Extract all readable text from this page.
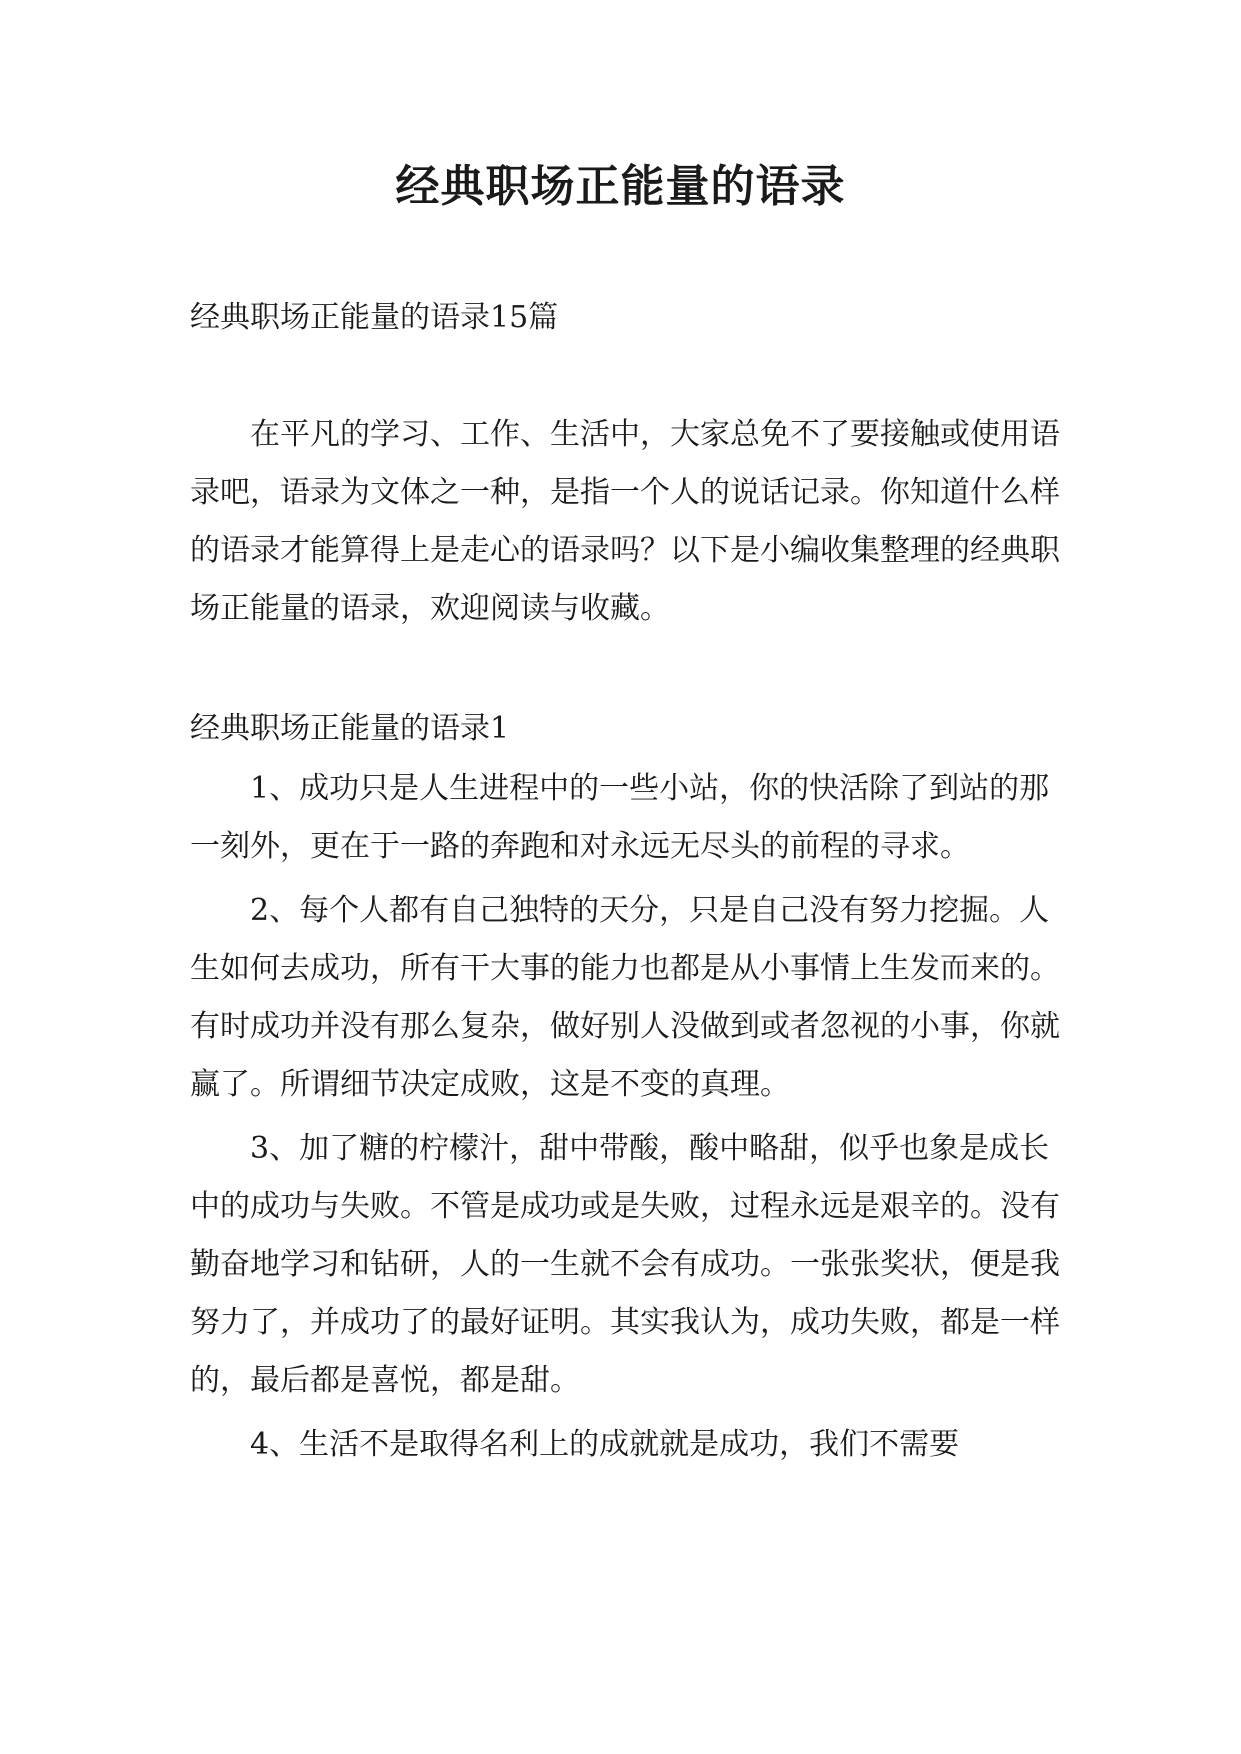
经典职场正能量的语录

经典职场正能量的语录15篇

在平凡的学习、工作、生活中，大家总免不了要接触或使用语录吧，语录为文体之一种，是指一个人的说话记录。你知道什么样的语录才能算得上是走心的语录吗？以下是小编收集整理的经典职场正能量的语录，欢迎阅读与收藏。

经典职场正能量的语录1

1、成功只是人生进程中的一些小站，你的快活除了到站的那一刻外，更在于一路的奔跑和对永远无尽头的前程的寻求。

2、每个人都有自己独特的天分，只是自己没有努力挖掘。人生如何去成功，所有干大事的能力也都是从小事情上生发而来的。有时成功并没有那么复杂，做好别人没做到或者忽视的小事，你就赢了。所谓细节决定成败，这是不变的真理。

3、加了糖的柠檬汁，甜中带酸，酸中略甜，似乎也象是成长中的成功与失败。不管是成功或是失败，过程永远是艰辛的。没有勤奋地学习和钻研，人的一生就不会有成功。一张张奖状，便是我努力了，并成功了的最好证明。其实我认为，成功失败，都是一样的，最后都是喜悦，都是甜。

4、生活不是取得名利上的成就就是成功，我们不需要
